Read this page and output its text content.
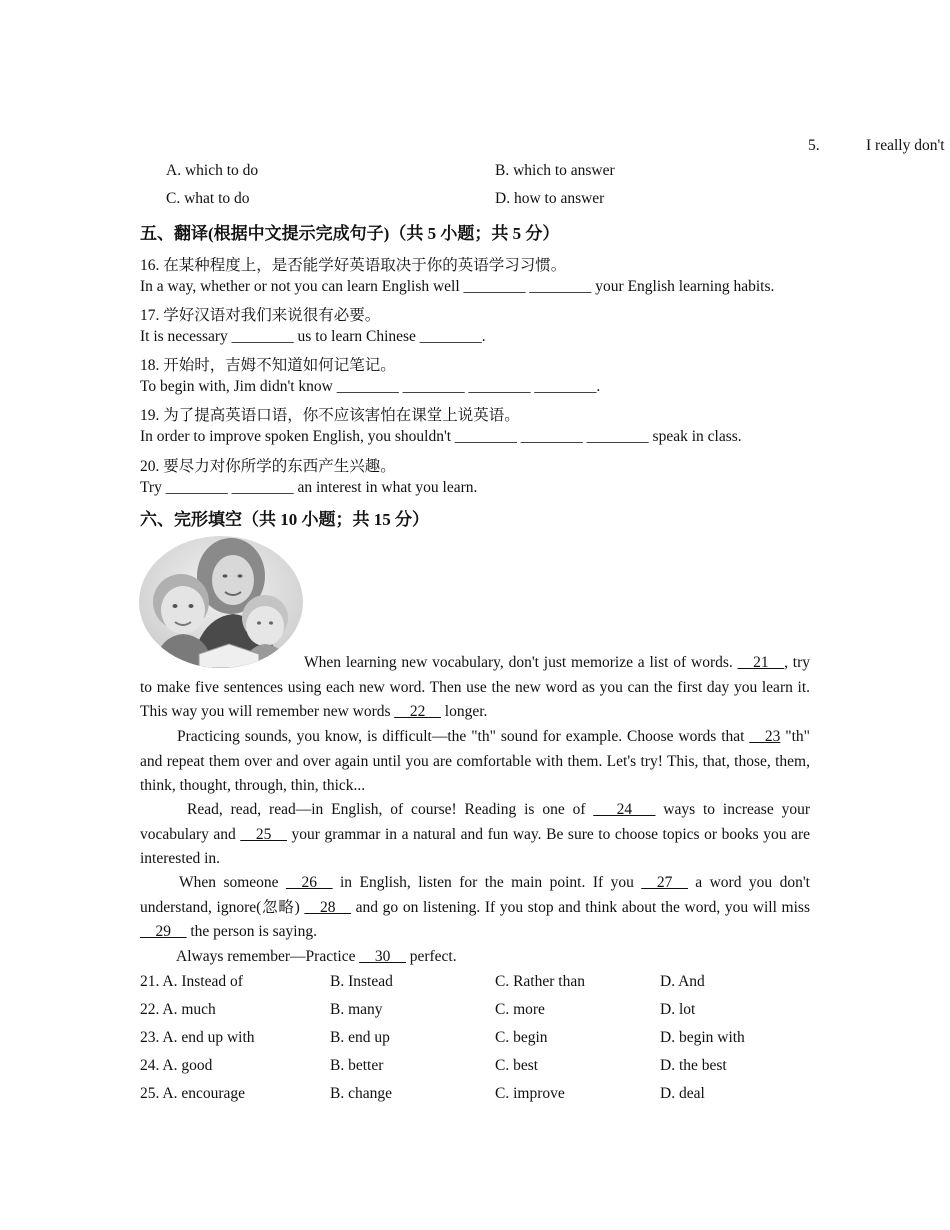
5.	I really don't
A. which to do	B. which to answer
C. what to do	D. how to answer
五、翻译(根据中文提示完成句子)（共 5 小题；共 5 分）
16. 在某种程度上，是否能学好英语取决于你的英语学习习惯。
In a way, whether or not you can learn English well ________ ________ your English learning habits.
17. 学好汉语对我们来说很有必要。
It is necessary ________ us to learn Chinese ________.
18. 开始时，吉姆不知道如何记笔记。
To begin with, Jim didn't know ________ ________ ________ ________.
19. 为了提高英语口语，你不应该害怕在课堂上说英语。
In order to improve spoken English, you shouldn't ________ ________ ________ speak in class.
20. 要尽力对你所学的东西产生兴趣。
Try ________ ________ an interest in what you learn.
六、完形填空（共 10 小题；共 15 分）
When learning new vocabulary, don't just memorize a list of words. __21__, try to make five sentences using each new word. Then use the new word as you can the first day you learn it. This way you will remember new words __22__ longer.
Practicing sounds, you know, is difficult—the "th" sound for example. Choose words that __23 "th" and repeat them over and over again until you are comfortable with them. Let's try! This, that, those, them, think, thought, through, thin, thick...
Read, read, read—in English, of course! Reading is one of ___24___ ways to increase your vocabulary and __25__ your grammar in a natural and fun way. Be sure to choose topics or books you are interested in.
When someone __26__ in English, listen for the main point. If you __27__ a word you don't understand, ignore(忽略) __28__ and go on listening. If you stop and think about the word, you will miss __29__ the person is saying.
Always remember—Practice __30__ perfect.
21. A. Instead of	B. Instead	C. Rather than	D. And
22. A. much	B. many	C. more	D. lot
23. A. end up with	B. end up	C. begin	D. begin with
24. A. good	B. better	C. best	D. the best
25. A. encourage	B. change	C. improve	D. deal
